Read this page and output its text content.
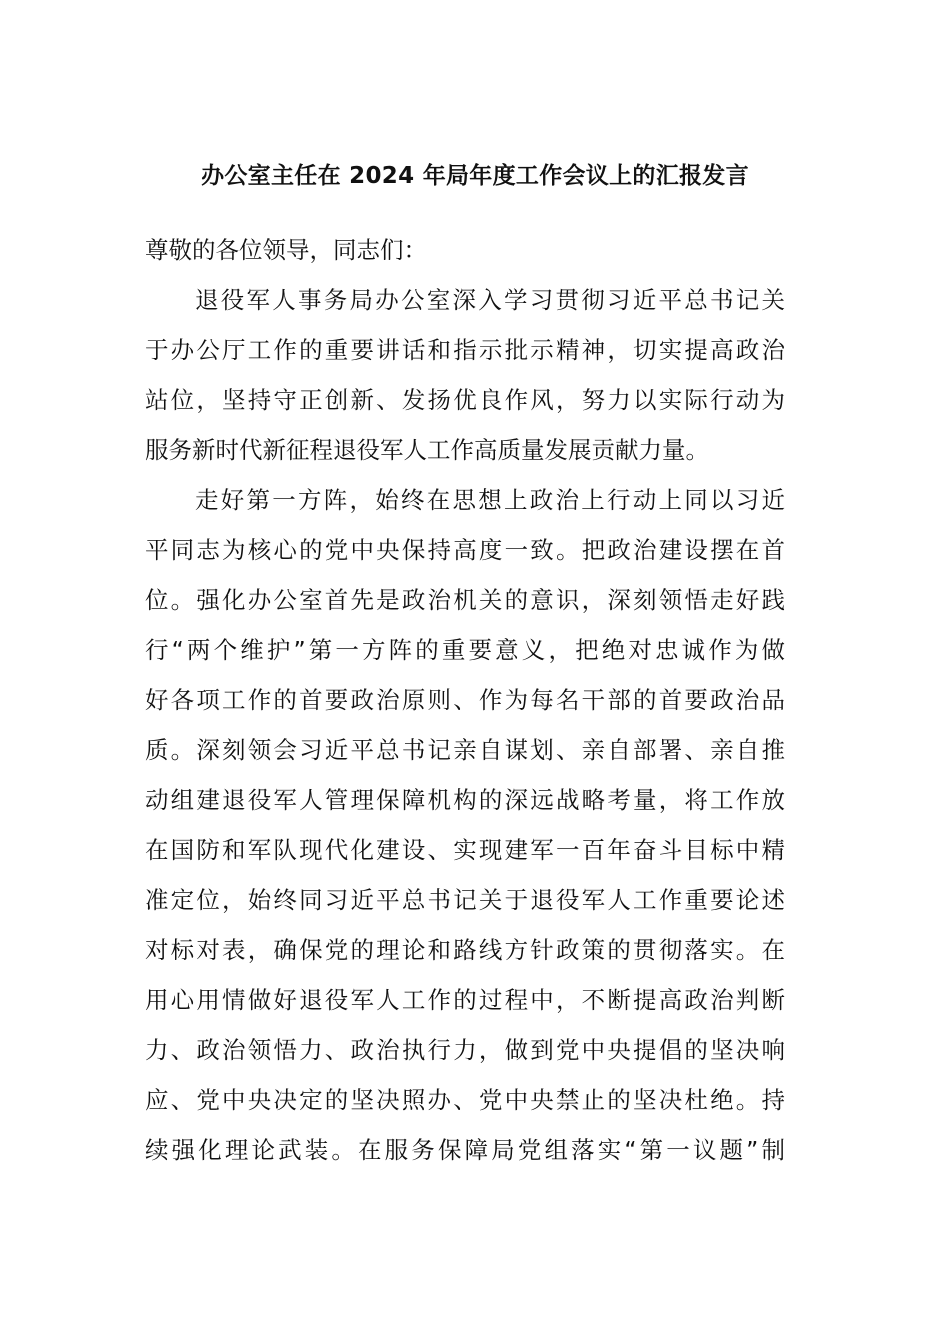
办公室主任在 2024 年局年度工作会议上的汇报发言
尊敬的各位领导，同志们：
退役军人事务局办公室深入学习贯彻习近平总书记关
于办公厅工作的重要讲话和指示批示精神，切实提高政治
站位，坚持守正创新、发扬优良作风，努力以实际行动为
服务新时代新征程退役军人工作高质量发展贡献力量。
走好第一方阵，始终在思想上政治上行动上同以习近
平同志为核心的党中央保持高度一致。把政治建设摆在首
位。强化办公室首先是政治机关的意识，深刻领悟走好践
行“两个维护”第一方阵的重要意义，把绝对忠诚作为做
好各项工作的首要政治原则、作为每名干部的首要政治品
质。深刻领会习近平总书记亲自谋划、亲自部署、亲自推
动组建退役军人管理保障机构的深远战略考量，将工作放
在国防和军队现代化建设、实现建军一百年奋斗目标中精
准定位，始终同习近平总书记关于退役军人工作重要论述
对标对表，确保党的理论和路线方针政策的贯彻落实。在
用心用情做好退役军人工作的过程中，不断提高政治判断
力、政治领悟力、政治执行力，做到党中央提倡的坚决响
应、党中央决定的坚决照办、党中央禁止的坚决杜绝。持
续强化理论武装。在服务保障局党组落实“第一议题”制
